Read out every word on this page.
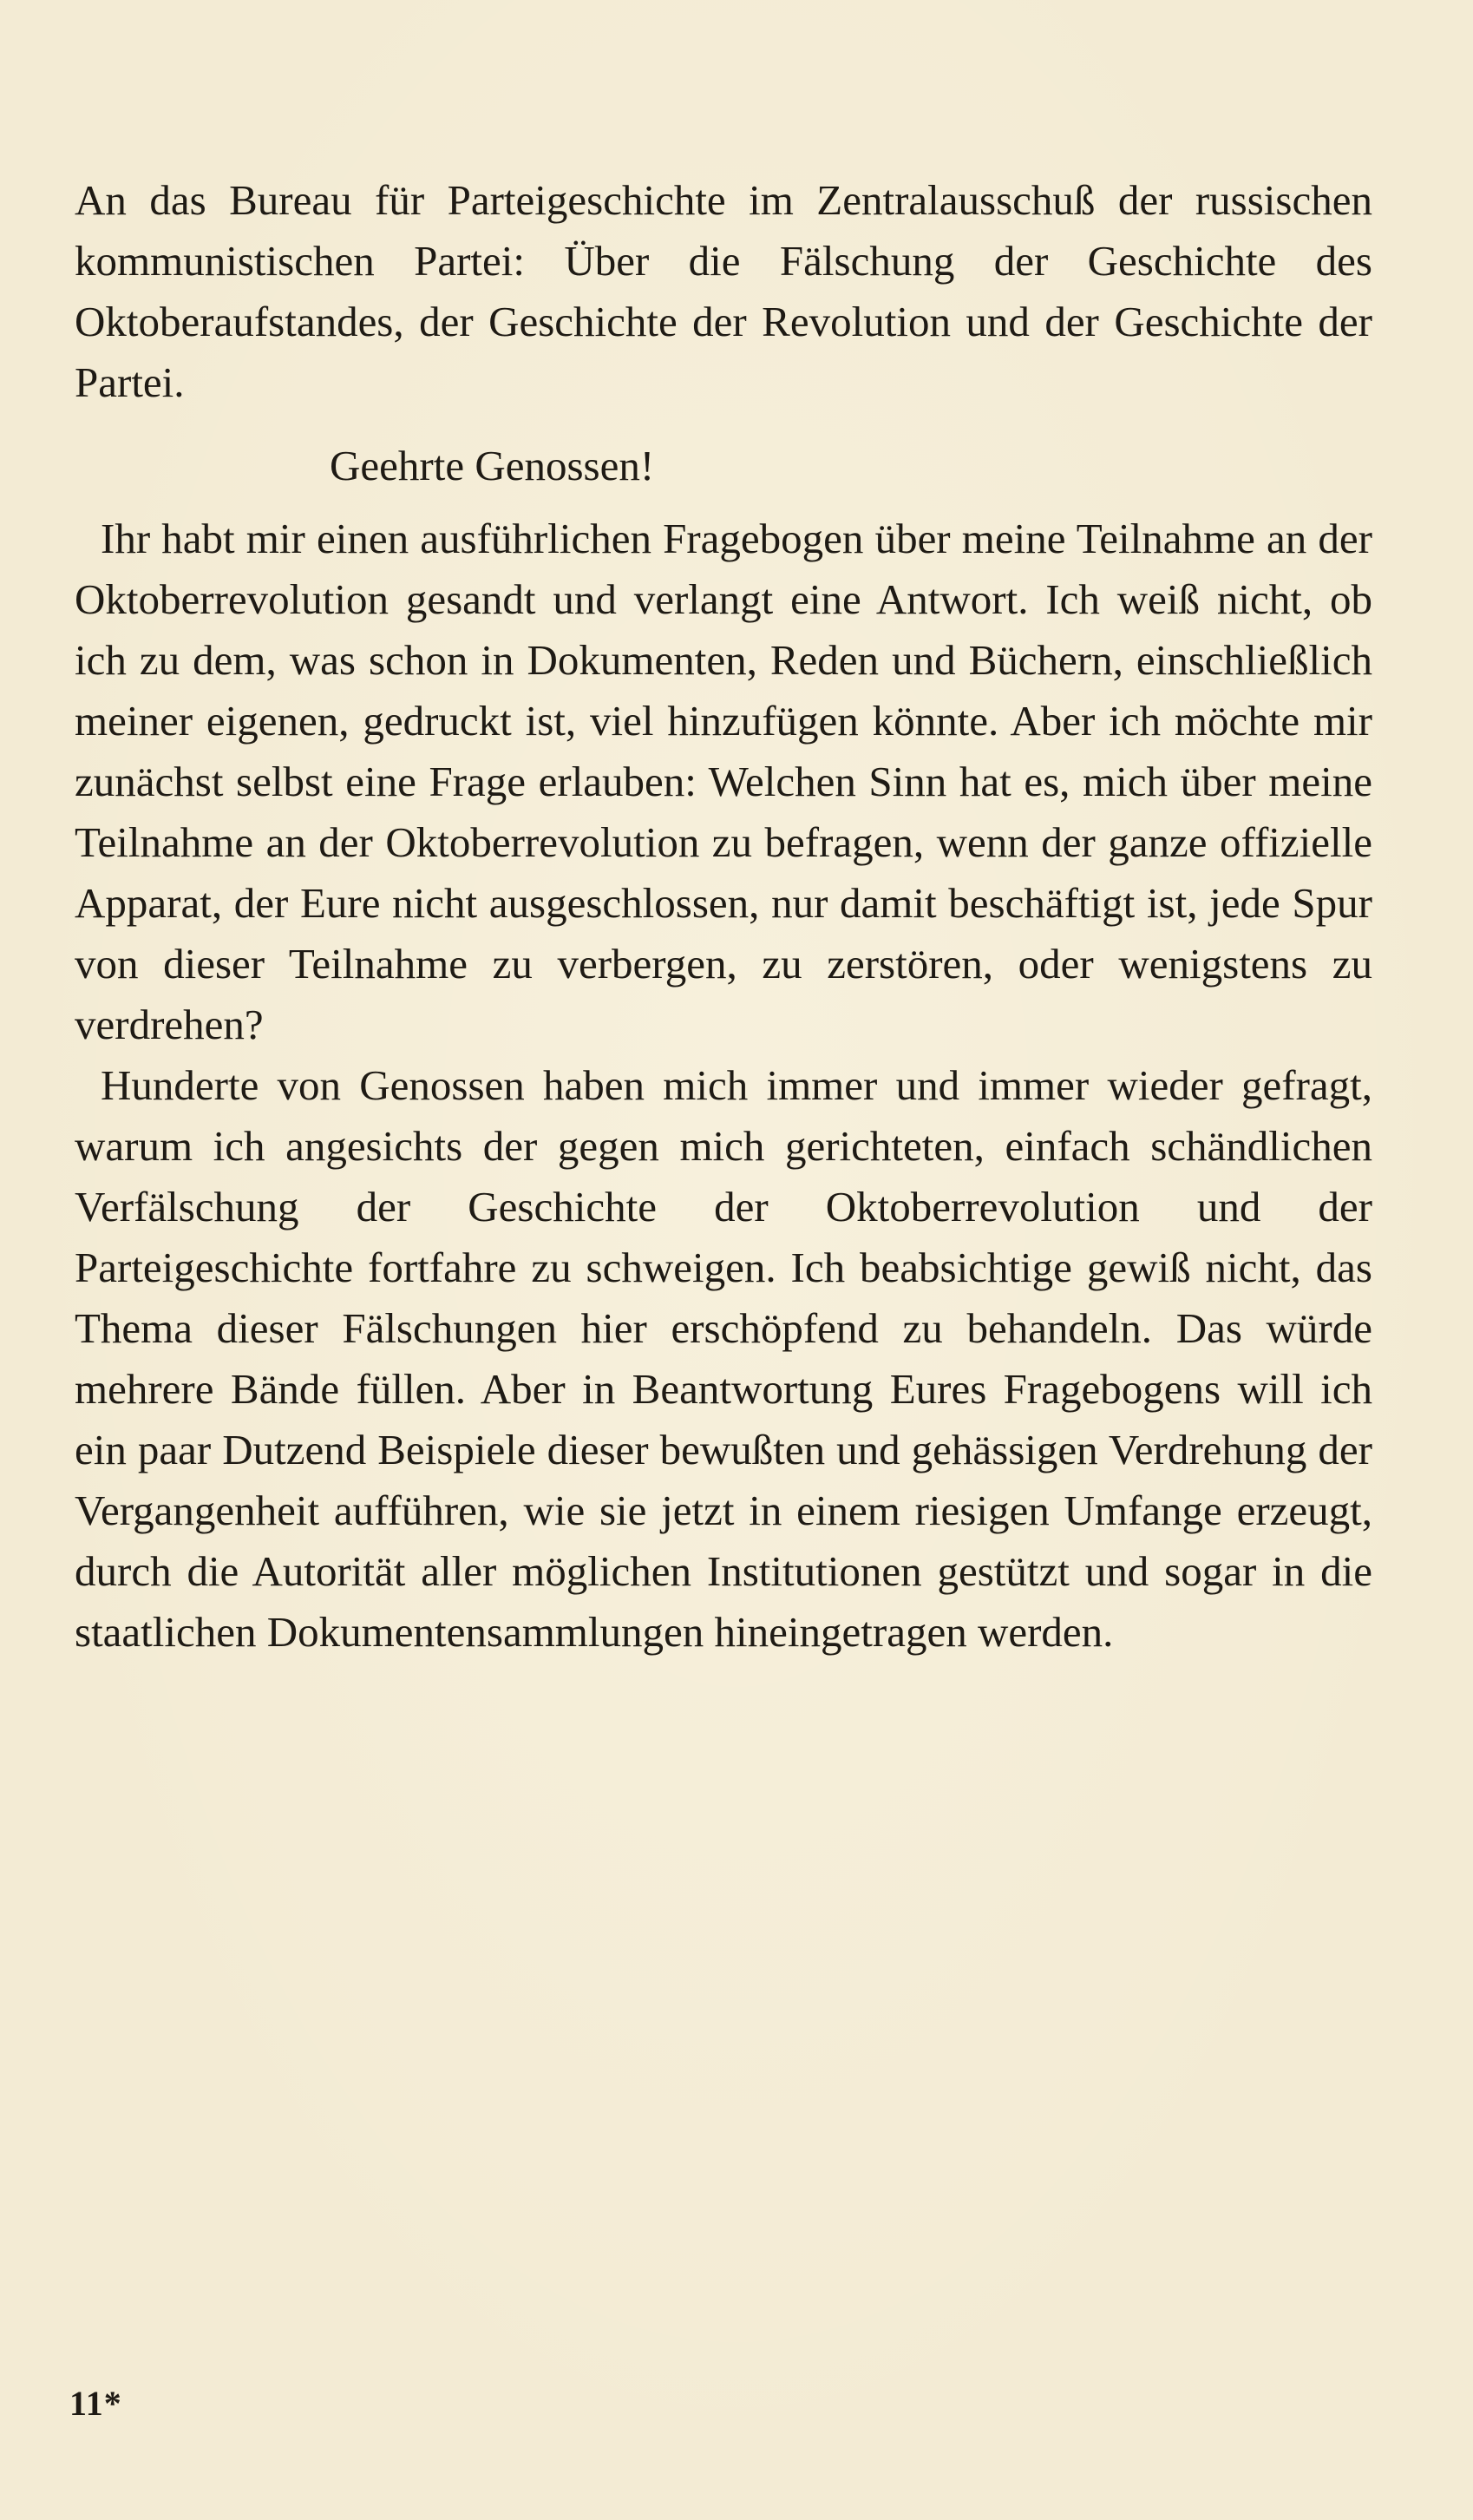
An das Bureau für Parteigeschichte im Zentralausschuß der russischen kommunistischen Partei: Über die Fälschung der Geschichte des Oktoberaufstandes, der Geschichte der Revolution und der Geschichte der Partei.

Geehrte Genossen!

Ihr habt mir einen ausführlichen Fragebogen über meine Teilnahme an der Oktoberrevolution gesandt und verlangt eine Antwort. Ich weiß nicht, ob ich zu dem, was schon in Dokumenten, Reden und Büchern, einschließlich meiner eigenen, gedruckt ist, viel hinzufügen könnte. Aber ich möchte mir zunächst selbst eine Frage erlauben: Welchen Sinn hat es, mich über meine Teilnahme an der Oktoberrevolution zu befragen, wenn der ganze offizielle Apparat, der Eure nicht ausgeschlossen, nur damit beschäftigt ist, jede Spur von dieser Teilnahme zu verbergen, zu zerstören, oder wenigstens zu verdrehen?

Hunderte von Genossen haben mich immer und immer wieder gefragt, warum ich angesichts der gegen mich gerichteten, einfach schändlichen Verfälschung der Geschichte der Oktoberrevolution und der Parteigeschichte fortfahre zu schweigen. Ich beabsichtige gewiß nicht, das Thema dieser Fälschungen hier erschöpfend zu behandeln. Das würde mehrere Bände füllen. Aber in Beantwortung Eures Fragebogens will ich ein paar Dutzend Beispiele dieser bewußten und gehässigen Verdrehung der Vergangenheit aufführen, wie sie jetzt in einem riesigen Umfange erzeugt, durch die Autorität aller möglichen Institutionen gestützt und sogar in die staatlichen Dokumentensammlungen hineingetragen werden.

11*
